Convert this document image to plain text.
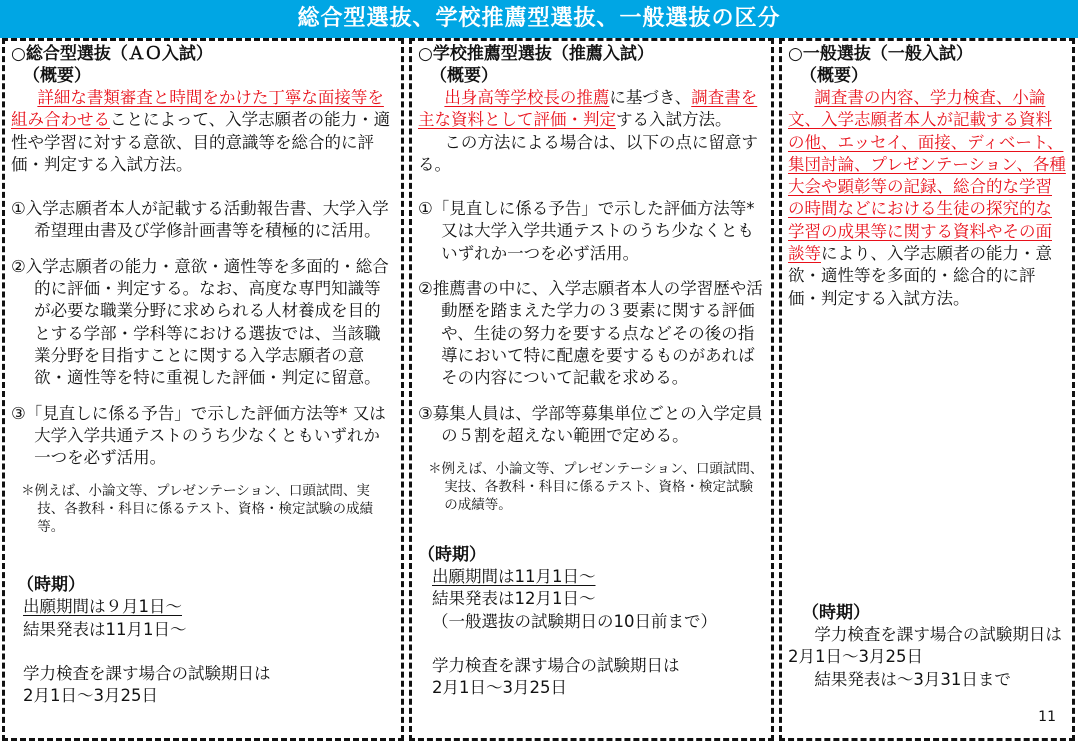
総合型選抜、学校推薦型選抜、一般選抜の区分
○総合型選抜（ＡＯ入試）
（概要）

詳細な書類審査と時間をかけた丁寧な面接等を組み合わせることによって、入学志願者の能力・適性や学習に対する意欲、目的意識等を総合的に評価・判定する入試方法。

①入学志願者本人が記載する活動報告書、大学入学希望理由書及び学修計画書等を積極的に活用。

②入学志願者の能力・意欲・適性等を多面的・総合的に評価・判定する。なお、高度な専門知識等が必要な職業分野に求められる人材養成を目的とする学部・学科等における選抜では、当該職業分野を目指すことに関する入学志願者の意欲・適性等を特に重視した評価・判定に留意。

③「見直しに係る予告」で示した評価方法等* 又は大学入学共通テストのうち少なくともいずれか一つを必ず活用。

＊例えば、小論文等、プレゼンテーション、口頭試問、実技、各教科・科目に係るテスト、資格・検定試験の成績等。

（時期）
出願期間は９月1日～
結果発表は11月1日～
学力検査を課す場合の試験期日は
2月1日～3月25日
○学校推薦型選抜（推薦入試）
（概要）

出身高等学校長の推薦に基づき、調査書を主な資料として評価・判定する入試方法。

この方法による場合は、以下の点に留意する。

①「見直しに係る予告」で示した評価方法等*又は大学入学共通テストのうち少なくともいずれか一つを必ず活用。

②推薦書の中に、入学志願者本人の学習歴や活動歴を踏まえた学力の３要素に関する評価や、生徒の努力を要する点などその後の指導において特に配慮を要するものがあればその内容について記載を求める。

③募集人員は、学部等募集単位ごとの入学定員の５割を超えない範囲で定める。

＊例えば、小論文等、プレゼンテーション、口頭試問、実技、各教科・科目に係るテスト、資格・検定試験の成績等。

（時期）
出願期間は11月1日～
結果発表は12月1日～
（一般選抜の試験期日の10日前まで）
学力検査を課す場合の試験期日は
2月1日～3月25日
○一般選抜（一般入試）
（概要）

調査書の内容、学力検査、小論文、入学志願者本人が記載する資料の他、エッセイ、面接、ディベート、集団討論、プレゼンテーション、各種大会や顕彰等の記録、総合的な学習の時間などにおける生徒の探究的な学習の成果等に関する資料やその面談等により、入学志願者の能力・意欲・適性等を多面的・総合的に評価・判定する入試方法。

（時期）

学力検査を課す場合の試験期日は2月1日～3月25日

結果発表は～3月31日まで

11
